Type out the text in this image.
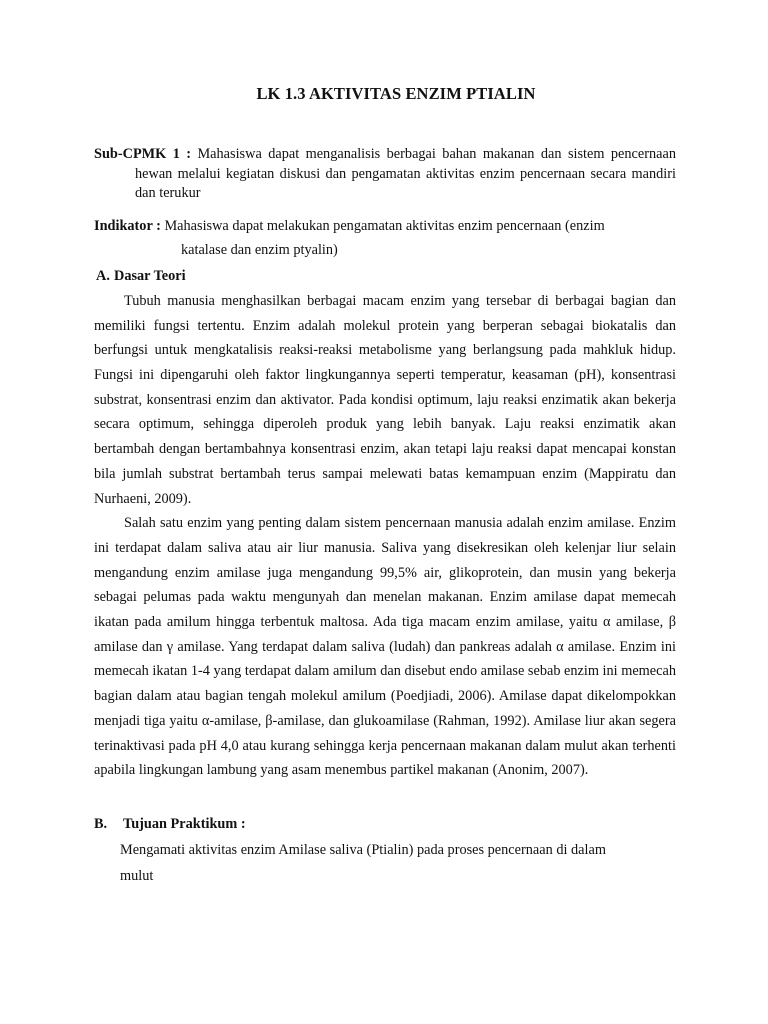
LK 1.3 AKTIVITAS ENZIM PTIALIN

Sub-CPMK 1 : Mahasiswa dapat menganalisis berbagai bahan makanan dan sistem pencernaan hewan melalui kegiatan diskusi dan pengamatan aktivitas enzim pencernaan secara mandiri dan terukur

Indikator : Mahasiswa dapat melakukan pengamatan aktivitas enzim pencernaan (enzim
katalase dan enzim ptyalin)
A. Dasar Teori

Tubuh manusia menghasilkan berbagai macam enzim yang tersebar di berbagai bagian dan memiliki fungsi tertentu. Enzim adalah molekul protein yang berperan sebagai biokatalis dan berfungsi untuk mengkatalisis reaksi-reaksi metabolisme yang berlangsung pada mahkluk hidup. Fungsi ini dipengaruhi oleh faktor lingkungannya seperti temperatur, keasaman (pH), konsentrasi substrat, konsentrasi enzim dan aktivator. Pada kondisi optimum, laju reaksi enzimatik akan bekerja secara optimum, sehingga diperoleh produk yang lebih banyak. Laju reaksi enzimatik akan bertambah dengan bertambahnya konsentrasi enzim, akan tetapi laju reaksi dapat mencapai konstan bila jumlah substrat bertambah terus sampai melewati batas kemampuan enzim (Mappiratu dan Nurhaeni, 2009).

Salah satu enzim yang penting dalam sistem pencernaan manusia adalah enzim amilase. Enzim ini terdapat dalam saliva atau air liur manusia. Saliva yang disekresikan oleh kelenjar liur selain mengandung enzim amilase juga mengandung 99,5% air, glikoprotein, dan musin yang bekerja sebagai pelumas pada waktu mengunyah dan menelan makanan. Enzim amilase dapat memecah ikatan pada amilum hingga terbentuk maltosa. Ada tiga macam enzim amilase, yaitu α amilase, β amilase dan γ amilase. Yang terdapat dalam saliva (ludah) dan pankreas adalah α amilase. Enzim ini memecah ikatan 1-4 yang terdapat dalam amilum dan disebut endo amilase sebab enzim ini memecah bagian dalam atau bagian tengah molekul amilum (Poedjiadi, 2006). Amilase dapat dikelompokkan menjadi tiga yaitu α-amilase, β-amilase, dan glukoamilase (Rahman, 1992). Amilase liur akan segera terinaktivasi pada pH 4,0 atau kurang sehingga kerja pencernaan makanan dalam mulut akan terhenti apabila lingkungan lambung yang asam menembus partikel makanan (Anonim, 2007).

B. Tujuan Praktikum :
Mengamati aktivitas enzim Amilase saliva (Ptialin) pada proses pencernaan di dalam
mulut
